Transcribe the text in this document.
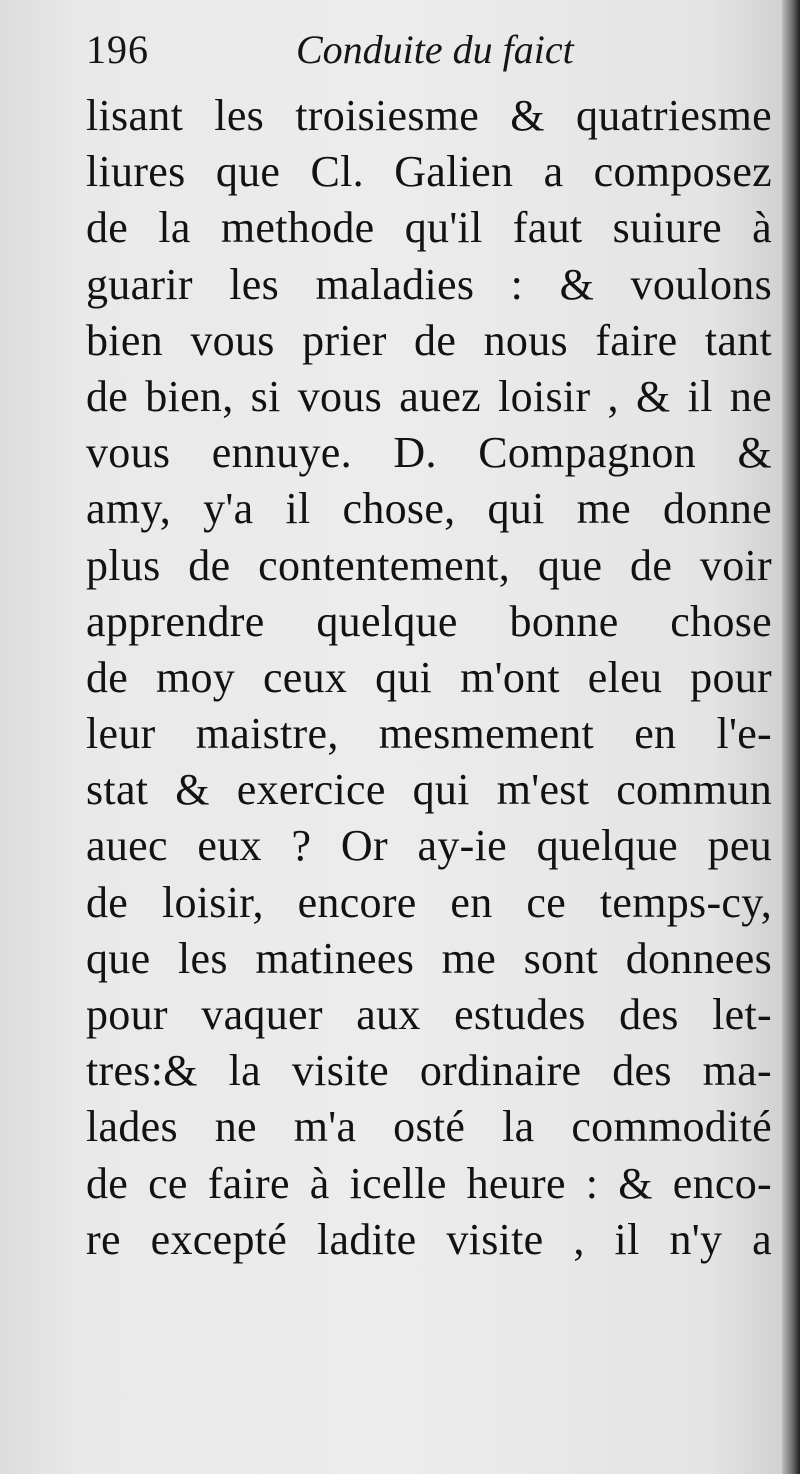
196	Conduite du faict
lisant les troisiesme & quatriesme
liures que Cl. Galien a composez
de la methode qu'il faut suiure à
guarir les maladies : & voulons
bien vous prier de nous faire tant
de bien, si vous auez loisir , & il ne
vous ennuye. D. Compagnon &
amy, y'a il chose, qui me donne
plus de contentement, que de voir
apprendre quelque bonne chose
de moy ceux qui m'ont eleu pour
leur maistre, mesmement en l'e-
stat & exercice qui m'est commun
auec eux ? Or ay-ie quelque peu
de loisir, encore en ce temps-cy,
que les matinees me sont donnees
pour vaquer aux estudes des let-
tres:& la visite ordinaire des ma-
lades ne m'a osté la commodité
de ce faire à icelle heure : & enco-
re excepté ladite visite , il n'y a
